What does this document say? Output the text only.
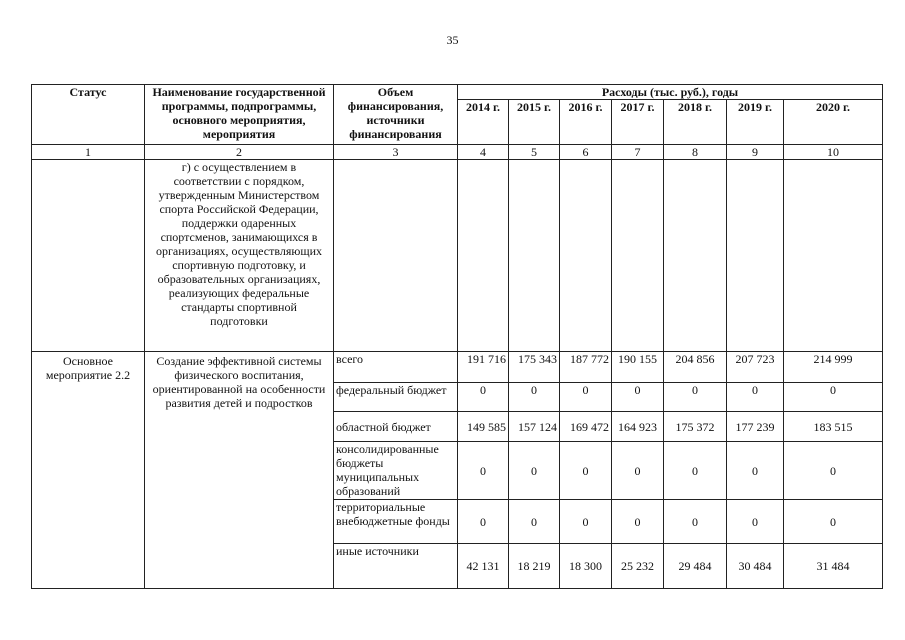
35
Статус	Наименование государственной программы, подпрограммы, основного мероприятия, мероприятия	Объем финансирования, источники финансирования	Расходы (тыс. руб.), годы						
			2014 г.	2015 г.	2016 г.	2017 г.	2018 г.	2019 г.	2020 г.
1	2	3	4	5	6	7	8	9	10
	г) с осуществлением в соответствии с порядком, утвержденным Министерством спорта Российской Федерации, поддержки одаренных спортсменов, занимающихся в организациях, осуществляющих спортивную подготовку, и образовательных организациях, реализующих федеральные стандарты спортивной подготовки								
Основное мероприятие 2.2	Создание эффективной системы физического воспитания, ориентированной на особенности развития детей и подростков	всего	191 716	175 343	187 772	190 155	204 856	207 723	214 999
		федеральный бюджет	0	0	0	0	0	0	0
		областной бюджет	149 585	157 124	169 472	164 923	175 372	177 239	183 515
		консолидированные бюджеты муниципальных образований	0	0	0	0	0	0	0
		территориальные внебюджетные фонды	0	0	0	0	0	0	0
		иные источники	42 131	18 219	18 300	25 232	29 484	30 484	31 484
